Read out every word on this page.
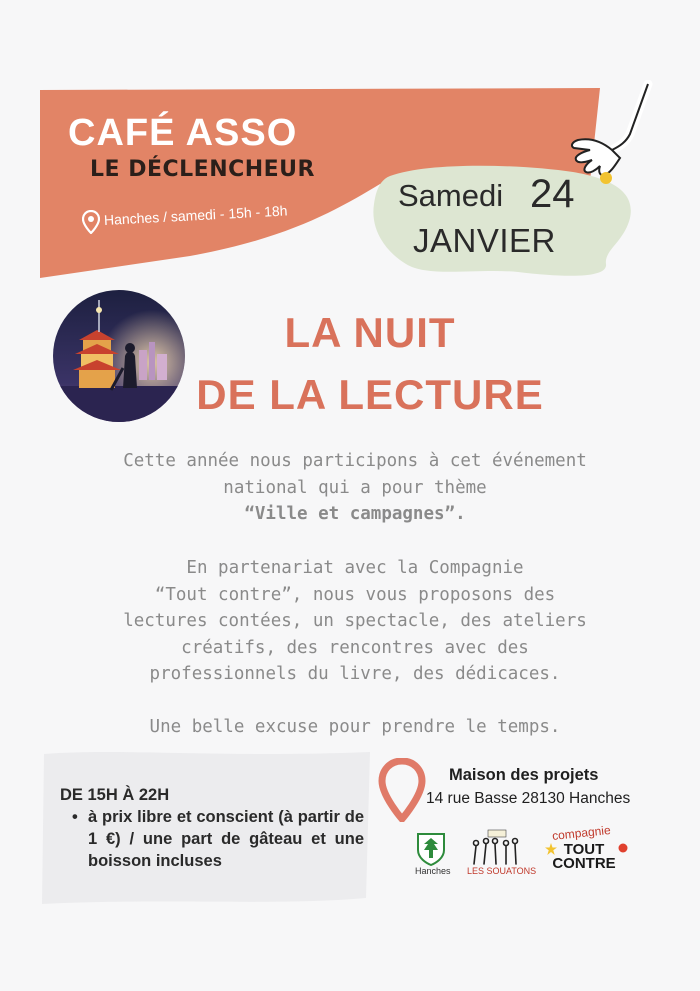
CAFÉ ASSO
LE DÉCLENCHEUR
Hanches / samedi - 15h - 18h
Samedi 24
JANVIER
LA NUIT
DE LA LECTURE
Cette année nous participons à cet événement
national qui a pour thème
“Ville et campagnes”.
En partenariat avec la Compagnie
“Tout contre”, nous vous proposons des
lectures contées, un spectacle, des ateliers
créatifs, des rencontres avec des
professionnels du livre, des dédicaces.
Une belle excuse pour prendre le temps.
DE 15H À 22H
• à prix libre et conscient (à partir de 1 €) / une part de gâteau et une boisson incluses
Maison des projets
14 rue Basse 28130 Hanches
Hanches LES SOUATONS
compagnie
TOUT CONTRE
